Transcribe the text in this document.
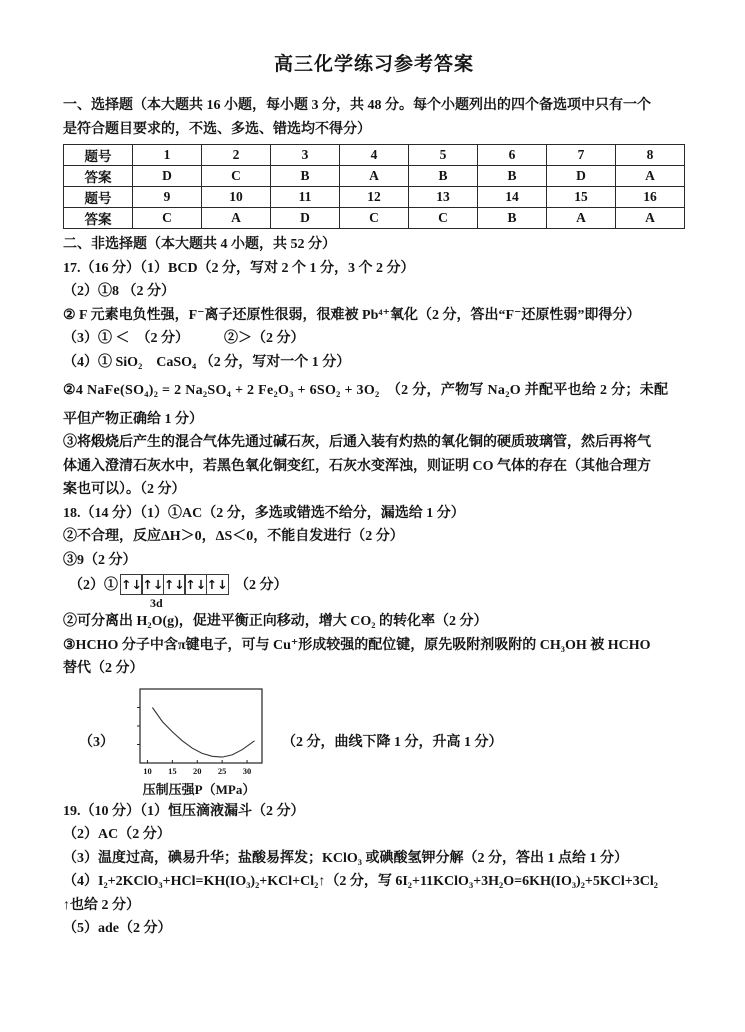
高三化学练习参考答案

一、选择题（本大题共 16 小题，每小题 3 分，共 48 分。每个小题列出的四个备选项中只有一个

是符合题目要求的，不选、多选、错选均不得分）

题号	1	2	3	4	5	6	7	8
答案	D	C	B	A	B	B	D	A
题号	9	10	11	12	13	14	15	16
答案	C	A	D	C	C	B	A	A

二、非选择题（本大题共 4 小题，共 52 分）

17.（16 分）（1）BCD（2 分，写对 2 个 1 分，3 个 2 分）

（2）①8 （2 分）

② F 元素电负性强，F⁻离子还原性很弱，很难被 Pb⁴⁺氧化（2 分，答出“F⁻还原性弱”即得分）

（3）① ＜　（2 分）　　　②＞（2 分）

（4）① SiO₂　CaSO₄ （2 分，写对一个 1 分）

②4 NaFe(SO₄)₂ = 2 Na₂SO₄ + 2 Fe₂O₃ + 6SO₂ + 3O₂　（2 分，产物写 Na₂O 并配平也给 2 分；未配

平但产物正确给 1 分）

③将煅烧后产生的混合气体先通过碱石灰，后通入装有灼热的氧化铜的硬质玻璃管，然后再将气

体通入澄清石灰水中，若黑色氧化铜变红，石灰水变浑浊，则证明 CO 气体的存在（其他合理方

案也可以）。（2 分）

18.（14 分）（1）①AC（2 分，多选或错选不给分，漏选给 1 分）

②不合理，反应ΔH＞0，ΔS＜0，不能自发进行（2 分）

③9（2 分）

（2）① ↑↓ ↑↓ ↑↓ ↑↓ ↑↓
3d
（2 分）

②可分离出 H₂O(g)，促进平衡正向移动，增大 CO₂ 的转化率（2 分）

③HCHO 分子中含π键电子，可与 Cu⁺形成较强的配位键，原先吸附剂吸附的 CH₃OH 被 HCHO

替代（2 分）

（3）
10 15 20 25 30
压制压强P（MPa）
（2 分，曲线下降 1 分，升高 1 分）

19.（10 分）（1）恒压滴液漏斗（2 分）

（2）AC（2 分）

（3）温度过高，碘易升华；盐酸易挥发；KClO₃ 或碘酸氢钾分解（2 分，答出 1 点给 1 分）

（4）I₂+2KClO₃+HCl=KH(IO₃)₂+KCl+Cl₂↑（2 分，写 6I₂+11KClO₃+3H₂O=6KH(IO₃)₂+5KCl+3Cl₂

↑也给 2 分）

（5）ade（2 分）
